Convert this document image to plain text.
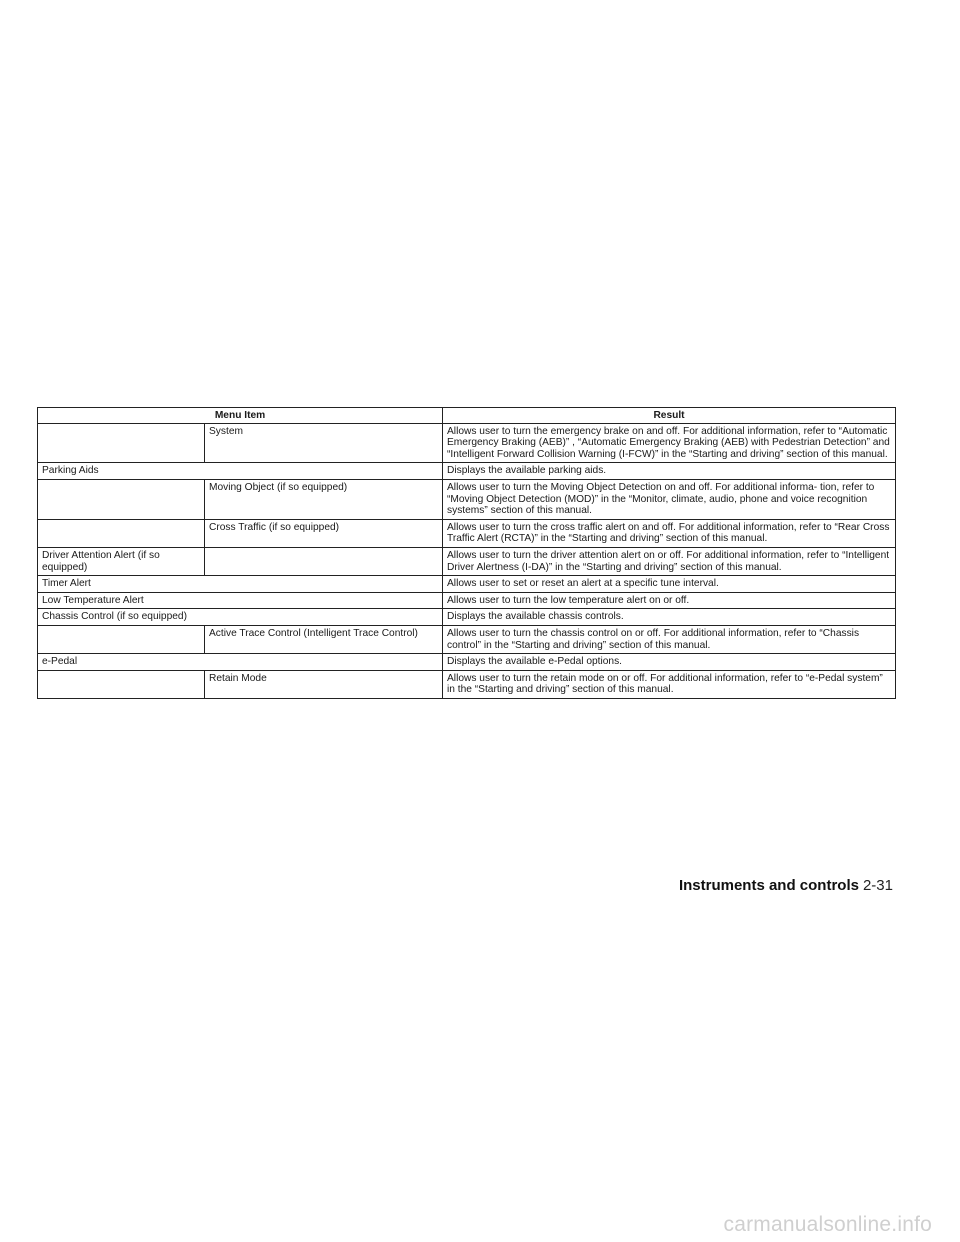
Menu Item		Result
	System	Allows user to turn the emergency brake on and off. For additional information, refer to “Automatic Emergency Braking (AEB)” , “Automatic Emergency Braking (AEB) with Pedestrian Detection” and “Intelligent Forward Collision Warning (I-FCW)” in the “Starting and driving” section of this manual.
Parking Aids		Displays the available parking aids.
	Moving Object (if so equipped)	Allows user to turn the Moving Object Detection on and off. For additional informa- tion, refer to “Moving Object Detection (MOD)” in the “Monitor, climate, audio, phone and voice recognition systems” section of this manual.
	Cross Traffic (if so equipped)	Allows user to turn the cross traffic alert on and off. For additional information, refer to “Rear Cross Traffic Alert (RCTA)” in the “Starting and driving” section of this manual.
Driver Attention Alert (if so equipped)		Allows user to turn the driver attention alert on or off. For additional information, refer to “Intelligent Driver Alertness (I-DA)” in the “Starting and driving” section of this manual.
Timer Alert		Allows user to set or reset an alert at a specific tune interval.
Low Temperature Alert		Allows user to turn the low temperature alert on or off.
Chassis Control (if so equipped)		Displays the available chassis controls.
	Active Trace Control (Intelligent Trace Control)	Allows user to turn the chassis control on or off. For additional information, refer to “Chassis control” in the “Starting and driving” section of this manual.
e-Pedal		Displays the available e-Pedal options.
	Retain Mode	Allows user to turn the retain mode on or off. For additional information, refer to “e-Pedal system” in the “Starting and driving” section of this manual.
Instruments and controls 2-31
carmanualsonline.info
